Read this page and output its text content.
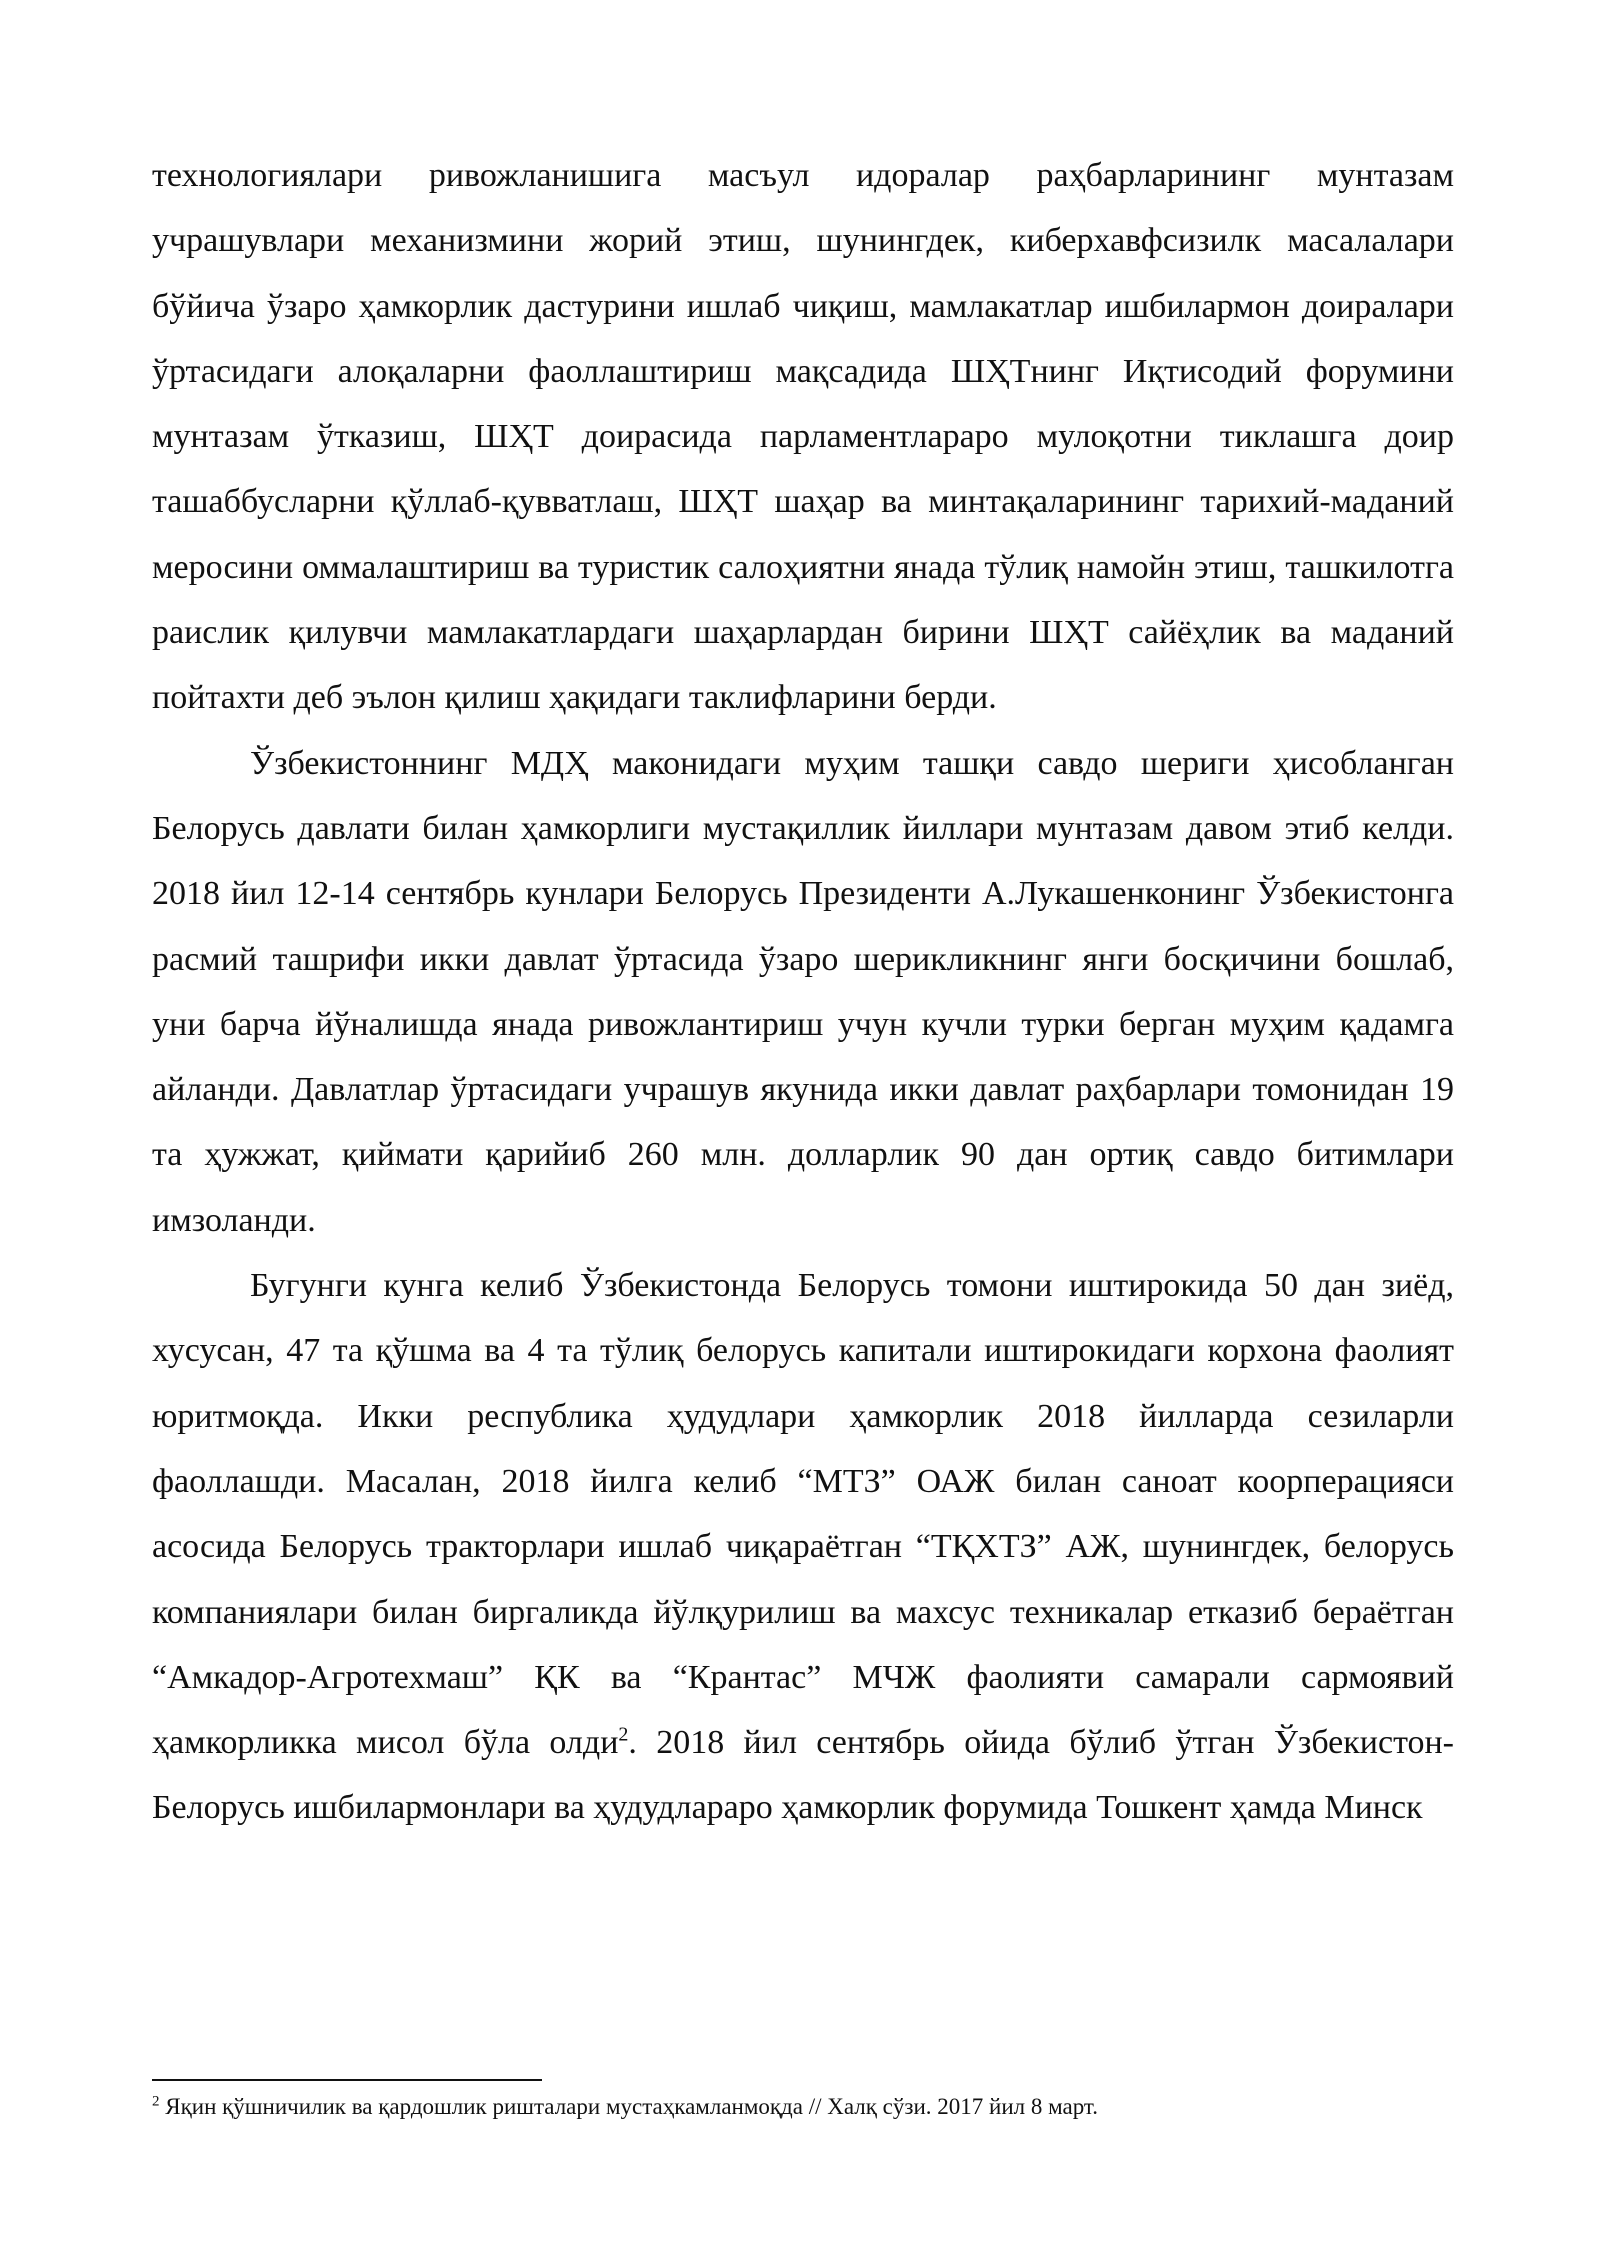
технологиялари ривожланишига масъул идоралар раҳбарларининг мунтазам учрашувлари механизмини жорий этиш, шунингдек, киберхавфсизилк масалалари бўйича ўзаро ҳамкорлик дастурини ишлаб чиқиш, мамлакатлар ишбилармон доиралари ўртасидаги алоқаларни фаоллаштириш мақсадида ШҲТнинг Иқтисодий форумини мунтазам ўтказиш, ШҲТ доирасида парламентлараро мулоқотни тиклашга доир ташаббусларни қўллаб-қувватлаш, ШҲТ шаҳар ва минтақаларининг тарихий-маданий меросини оммалаштириш ва туристик салоҳиятни янада тўлиқ намойн этиш, ташкилотга раислик қилувчи мамлакатлардаги шаҳарлардан бирини ШҲТ сайёҳлик ва маданий пойтахти деб эълон қилиш ҳақидаги таклифларини берди.

Ўзбекистоннинг МДҲ маконидаги муҳим ташқи савдо шериги ҳисобланган Белорусь давлати билан ҳамкорлиги мустақиллик йиллари мунтазам давом этиб келди. 2018 йил 12-14 сентябрь кунлари Белорусь Президенти А.Лукашенконинг Ўзбекистонга расмий ташрифи икки давлат ўртасида ўзаро шерикликнинг янги босқичини бошлаб, уни барча йўналишда янада ривожлантириш учун кучли турки берган муҳим қадамга айланди. Давлатлар ўртасидаги учрашув якунида икки давлат раҳбарлари томонидан 19 та ҳужжат, қиймати қарийиб 260 млн. долларлик 90 дан ортиқ савдо битимлари имзоланди.

Бугунги кунга келиб Ўзбекистонда Белорусь томони иштирокида 50 дан зиёд, хусусан, 47 та қўшма ва 4 та тўлиқ белорусь капитали иштирокидаги корхона фаолият юритмоқда. Икки республика ҳудудлари ҳамкорлик 2018 йилларда сезиларли фаоллашди. Масалан, 2018 йилга келиб “МТЗ” ОАЖ билан саноат коорперацияси асосида Белорусь тракторлари ишлаб чиқараётган “ТҚХТЗ” АЖ, шунингдек, белорусь компаниялари билан биргаликда йўлқурилиш ва махсус техникалар етказиб бераётган “Амкадор-Агротехмаш” ҚК ва “Крантас” МЧЖ фаолияти самарали сармоявий ҳамкорликка мисол бўла олди$^2$. 2018 йил сентябрь ойида бўлиб ўтган Ўзбекистон-Белорусь ишбилармонлари ва ҳудудлараро ҳамкорлик форумида Тошкент ҳамда Минск

$^2$ Яқин қўшничилик ва қардошлик ришталари мустаҳкамланмоқда // Халқ сўзи. 2017 йил 8 март.
